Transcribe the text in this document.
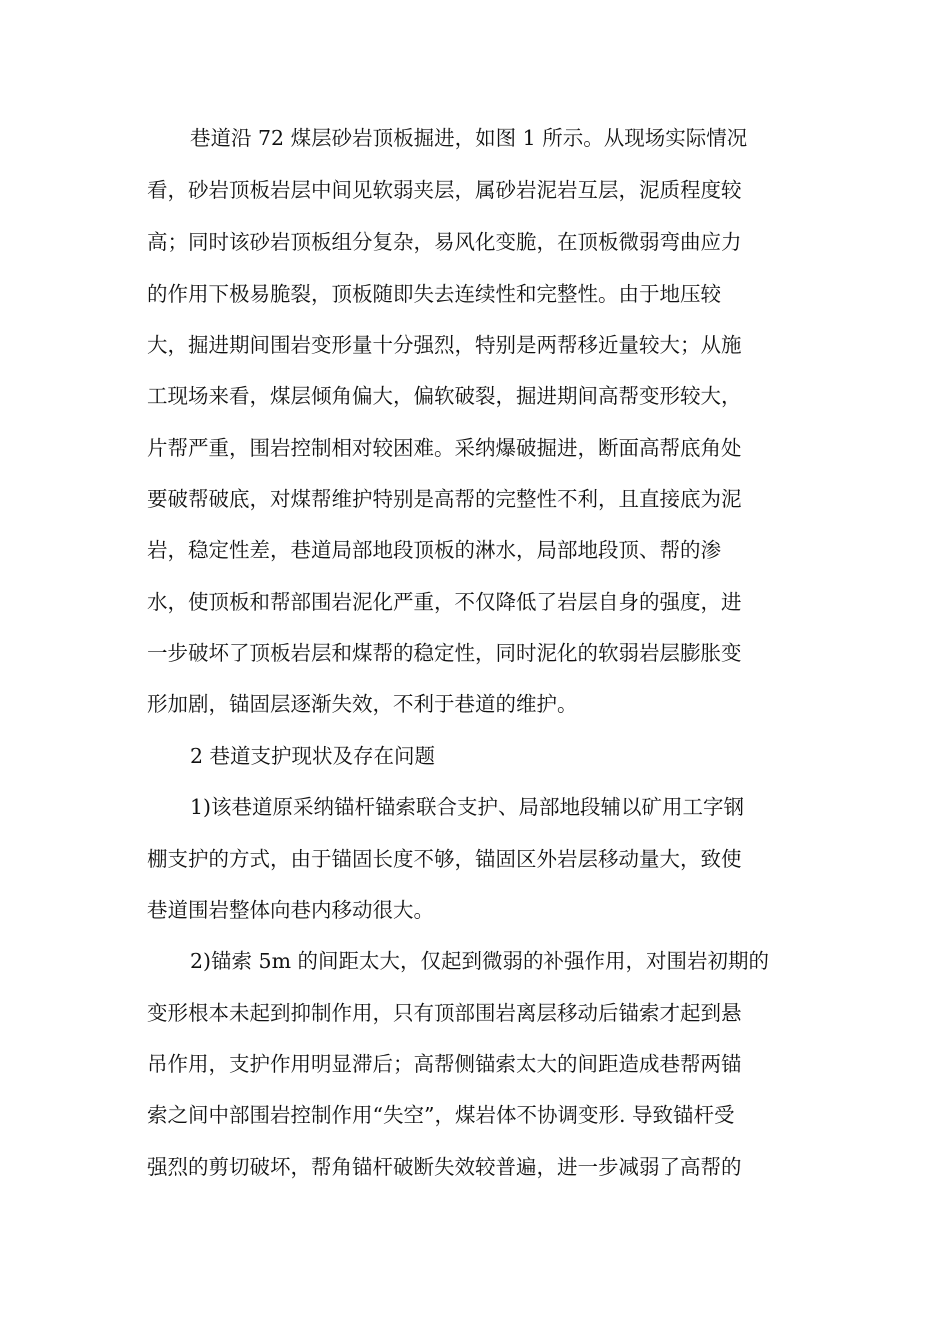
巷道沿 72 煤层砂岩顶板掘进，如图 1 所示。从现场实际情况

看，砂岩顶板岩层中间见软弱夹层，属砂岩泥岩互层，泥质程度较

高；同时该砂岩顶板组分复杂，易风化变脆，在顶板微弱弯曲应力

的作用下极易脆裂，顶板随即失去连续性和完整性。由于地压较

大，掘进期间围岩变形量十分强烈，特别是两帮移近量较大；从施

工现场来看，煤层倾角偏大，偏软破裂，掘进期间高帮变形较大，

片帮严重，围岩控制相对较困难。采纳爆破掘进，断面高帮底角处

要破帮破底，对煤帮维护特别是高帮的完整性不利，且直接底为泥

岩，稳定性差，巷道局部地段顶板的淋水，局部地段顶、帮的渗

水，使顶板和帮部围岩泥化严重，不仅降低了岩层自身的强度，进

一步破坏了顶板岩层和煤帮的稳定性，同时泥化的软弱岩层膨胀变

形加剧，锚固层逐渐失效，不利于巷道的维护。

2 巷道支护现状及存在问题

1)该巷道原采纳锚杆锚索联合支护、局部地段辅以矿用工字钢

棚支护的方式，由于锚固长度不够，锚固区外岩层移动量大，致使

巷道围岩整体向巷内移动很大。

2)锚索 5m 的间距太大，仅起到微弱的补强作用，对围岩初期的

变形根本未起到抑制作用，只有顶部围岩离层移动后锚索才起到悬

吊作用，支护作用明显滞后；高帮侧锚索太大的间距造成巷帮两锚

索之间中部围岩控制作用“失空”，煤岩体不协调变形. 导致锚杆受

强烈的剪切破坏，帮角锚杆破断失效较普遍，进一步减弱了高帮的
